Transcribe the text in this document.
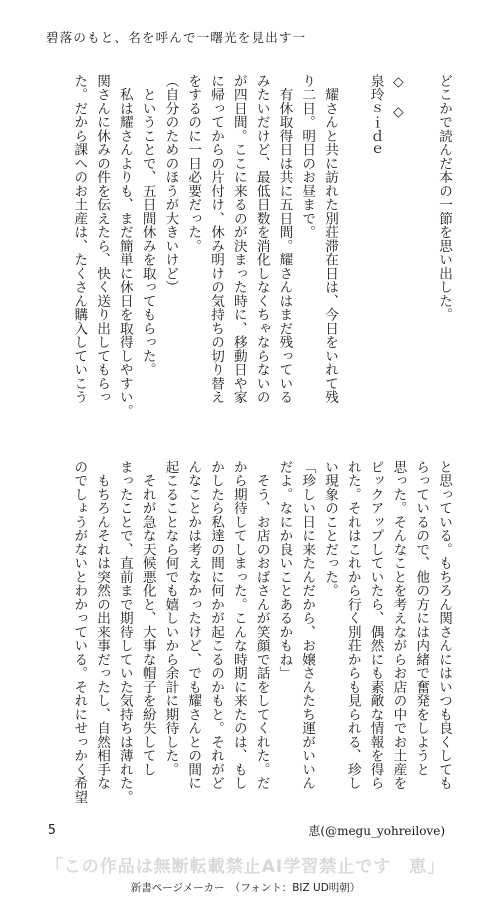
碧落のもと、名を呼んで一曙光を見出す一

どこかで読んだ本の一節を思い出した。

◇　◇

泉玲ｓｉｄｅ

　耀さんと共に訪れた別荘滞在日は、今日をいれて残

り二日。明日のお昼まで。

　有休取得日は共に五日間。耀さんはまだ残っている

みたいだけど、最低日数を消化しなくちゃならないの

が四日間。ここに来るのが決まった時に、移動日や家

に帰ってからの片付け、休み明けの気持ちの切り替え

をするのに一日必要だった。

（自分のためのほうが大きいけど）

　ということで、五日間休みを取ってもらった。

　私は耀さんよりも、まだ簡単に休日を取得しやすい。

関さんに休みの件を伝えたら、快く送り出してもらっ

た。だから課へのお土産は、たくさん購入していこう

と思っている。もちろん関さんにはいつも良くしても

らっているので、他の方には内緒で奮発をしようと

思った。そんなことを考えながらお店の中でお土産を

ピックアップしていたら、偶然にも素敵な情報を得ら

れた。それはこれから行く別荘からも見られる、珍し

い現象のことだった。

「珍しい日に来たんだから、お嬢さんたち運がいいん

だよ。なにか良いことあるかもね」

　そう、お店のおばさんが笑顔で話をしてくれた。だ

から期待してしまった。こんな時期に来たのは、もし

かしたら私達の間に何かが起こるのかもと。それがど

んなことかは考えなかったけど、でも耀さんとの間に

起こることなら何でも嬉しいから余計に期待した。

　それが急な天候悪化と、大事な帽子を紛失してし

まったことで、直前まで期待していた気持ちは薄れた。

　もちろんそれは突然の出来事だったし、自然相手な

のでしょうがないとわかっている。それにせっかく希望

5	恵(@megu_yohreilove)
「この作品は無断転載禁止AI学習禁止です　恵」
新書ページメーカー　（フォント：BIZ UD明朝）
